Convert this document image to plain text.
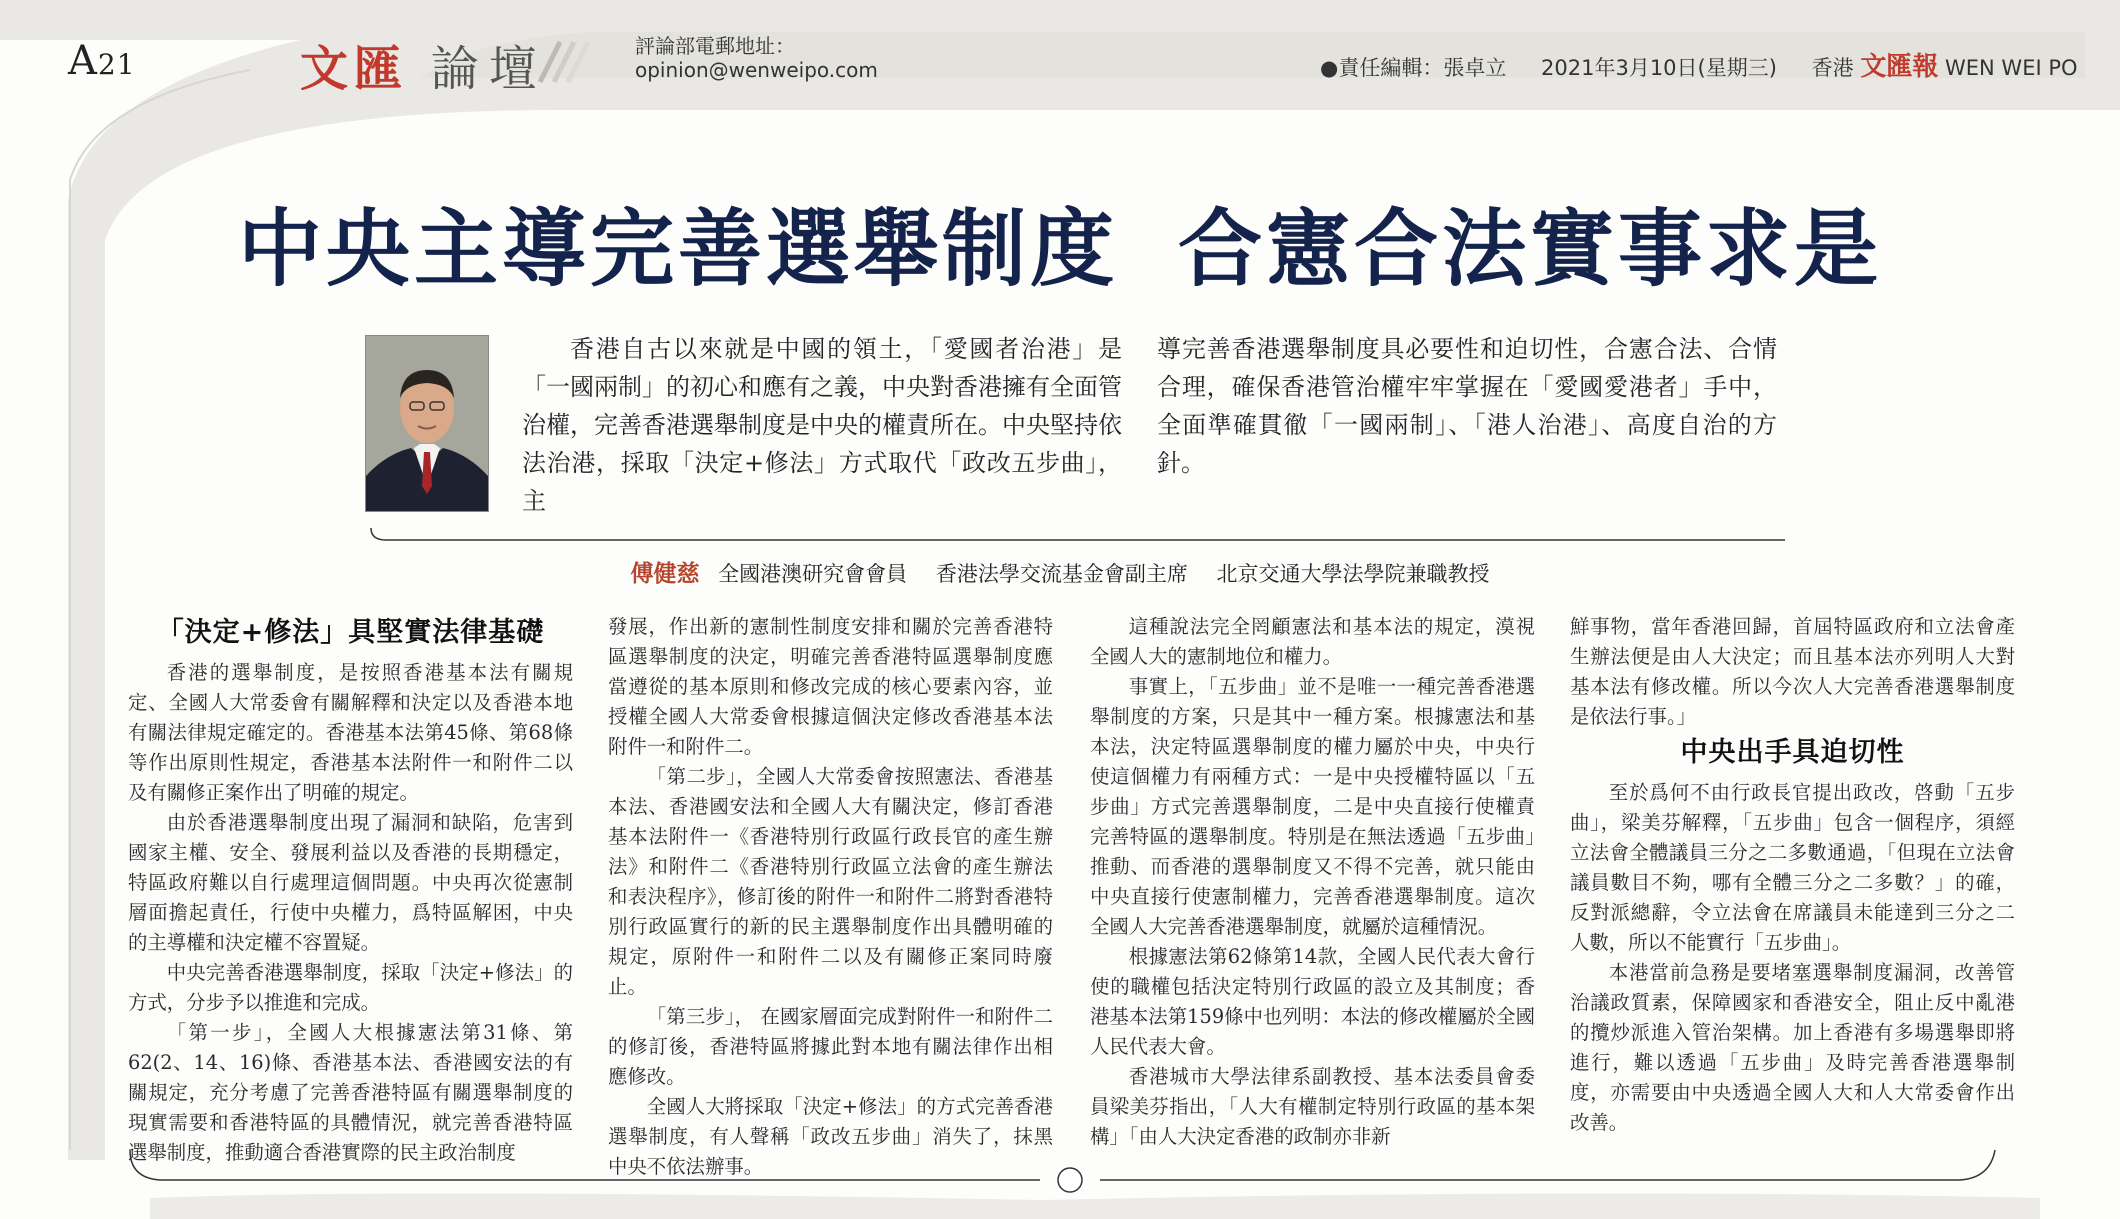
A21	文匯 論壇	評論部電郵地址：
opinion@wenweipo.com	●責任編輯：張卓立 2021年3月10日(星期三) 香港 文匯報 WEN WEI PO
中央主導完善選舉制度 合憲合法實事求是
香港自古以來就是中國的領土，「愛國者治港」是「一國兩制」的初心和應有之義，中央對香港擁有全面管治權，完善香港選舉制度是中央的權責所在。中央堅持依法治港，採取「決定+修法」方式取代「政改五步曲」，主
導完善香港選舉制度具必要性和迫切性，合憲合法、合情合理，確保香港管治權牢牢掌握在「愛國愛港者」手中，全面準確貫徹「一國兩制」、「港人治港」、高度自治的方針。
傅健慈 全國港澳研究會會員 香港法學交流基金會副主席 北京交通大學法學院兼職教授
「決定+修法」具堅實法律基礎

香港的選舉制度，是按照香港基本法有關規定、全國人大常委會有關解釋和決定以及香港本地有關法律規定確定的。香港基本法第45條、第68條等作出原則性規定，香港基本法附件一和附件二以及有關修正案作出了明確的規定。

由於香港選舉制度出現了漏洞和缺陷，危害到國家主權、安全、發展利益以及香港的長期穩定，特區政府難以自行處理這個問題。中央再次從憲制層面擔起責任，行使中央權力，爲特區解困，中央的主導權和決定權不容置疑。

中央完善香港選舉制度，採取「決定+修法」的方式，分步予以推進和完成。

「第一步」，全國人大根據憲法第31條、第62(2、14、16)條、香港基本法、香港國安法的有關規定，充分考慮了完善香港特區有關選舉制度的現實需要和香港特區的具體情況，就完善香港特區選舉制度，推動適合香港實際的民主政治制度

發展，作出新的憲制性制度安排和關於完善香港特區選舉制度的決定，明確完善香港特區選舉制度應當遵從的基本原則和修改完成的核心要素內容，並授權全國人大常委會根據這個決定修改香港基本法附件一和附件二。

「第二步」，全國人大常委會按照憲法、香港基本法、香港國安法和全國人大有關決定，修訂香港基本法附件一《香港特別行政區行政長官的產生辦法》和附件二《香港特別行政區立法會的產生辦法和表決程序》，修訂後的附件一和附件二將對香港特別行政區實行的新的民主選舉制度作出具體明確的規定，原附件一和附件二以及有關修正案同時廢止。

「第三步」， 在國家層面完成對附件一和附件二的修訂後，香港特區將據此對本地有關法律作出相應修改。

全國人大將採取「決定+修法」的方式完善香港選舉制度，有人聲稱「政改五步曲」消失了，抹黑中央不依法辦事。

這種說法完全罔顧憲法和基本法的規定，漠視全國人大的憲制地位和權力。

事實上，「五步曲」並不是唯一一種完善香港選舉制度的方案，只是其中一種方案。根據憲法和基本法，決定特區選舉制度的權力屬於中央，中央行使這個權力有兩種方式：一是中央授權特區以「五步曲」方式完善選舉制度，二是中央直接行使權責完善特區的選舉制度。特別是在無法透過「五步曲」推動、而香港的選舉制度又不得不完善，就只能由中央直接行使憲制權力，完善香港選舉制度。這次全國人大完善香港選舉制度，就屬於這種情況。

根據憲法第62條第14款，全國人民代表大會行使的職權包括決定特別行政區的設立及其制度；香港基本法第159條中也列明：本法的修改權屬於全國人民代表大會。

香港城市大學法律系副教授、基本法委員會委員梁美芬指出，「人大有權制定特別行政區的基本架構」「由人大決定香港的政制亦非新

鮮事物，當年香港回歸，首屆特區政府和立法會產生辦法便是由人大決定；而且基本法亦列明人大對基本法有修改權。所以今次人大完善香港選舉制度是依法行事。」

中央出手具迫切性

至於爲何不由行政長官提出政改，啓動「五步曲」，梁美芬解釋，「五步曲」包含一個程序，須經立法會全體議員三分之二多數通過，「但現在立法會議員數目不夠，哪有全體三分之二多數？」的確，反對派總辭，令立法會在席議員未能達到三分之二人數，所以不能實行「五步曲」。

本港當前急務是要堵塞選舉制度漏洞，改善管治議政質素，保障國家和香港安全，阻止反中亂港的攬炒派進入管治架構。加上香港有多場選舉即將進行，難以透過「五步曲」及時完善香港選舉制度，亦需要由中央透過全國人大和人大常委會作出改善。
